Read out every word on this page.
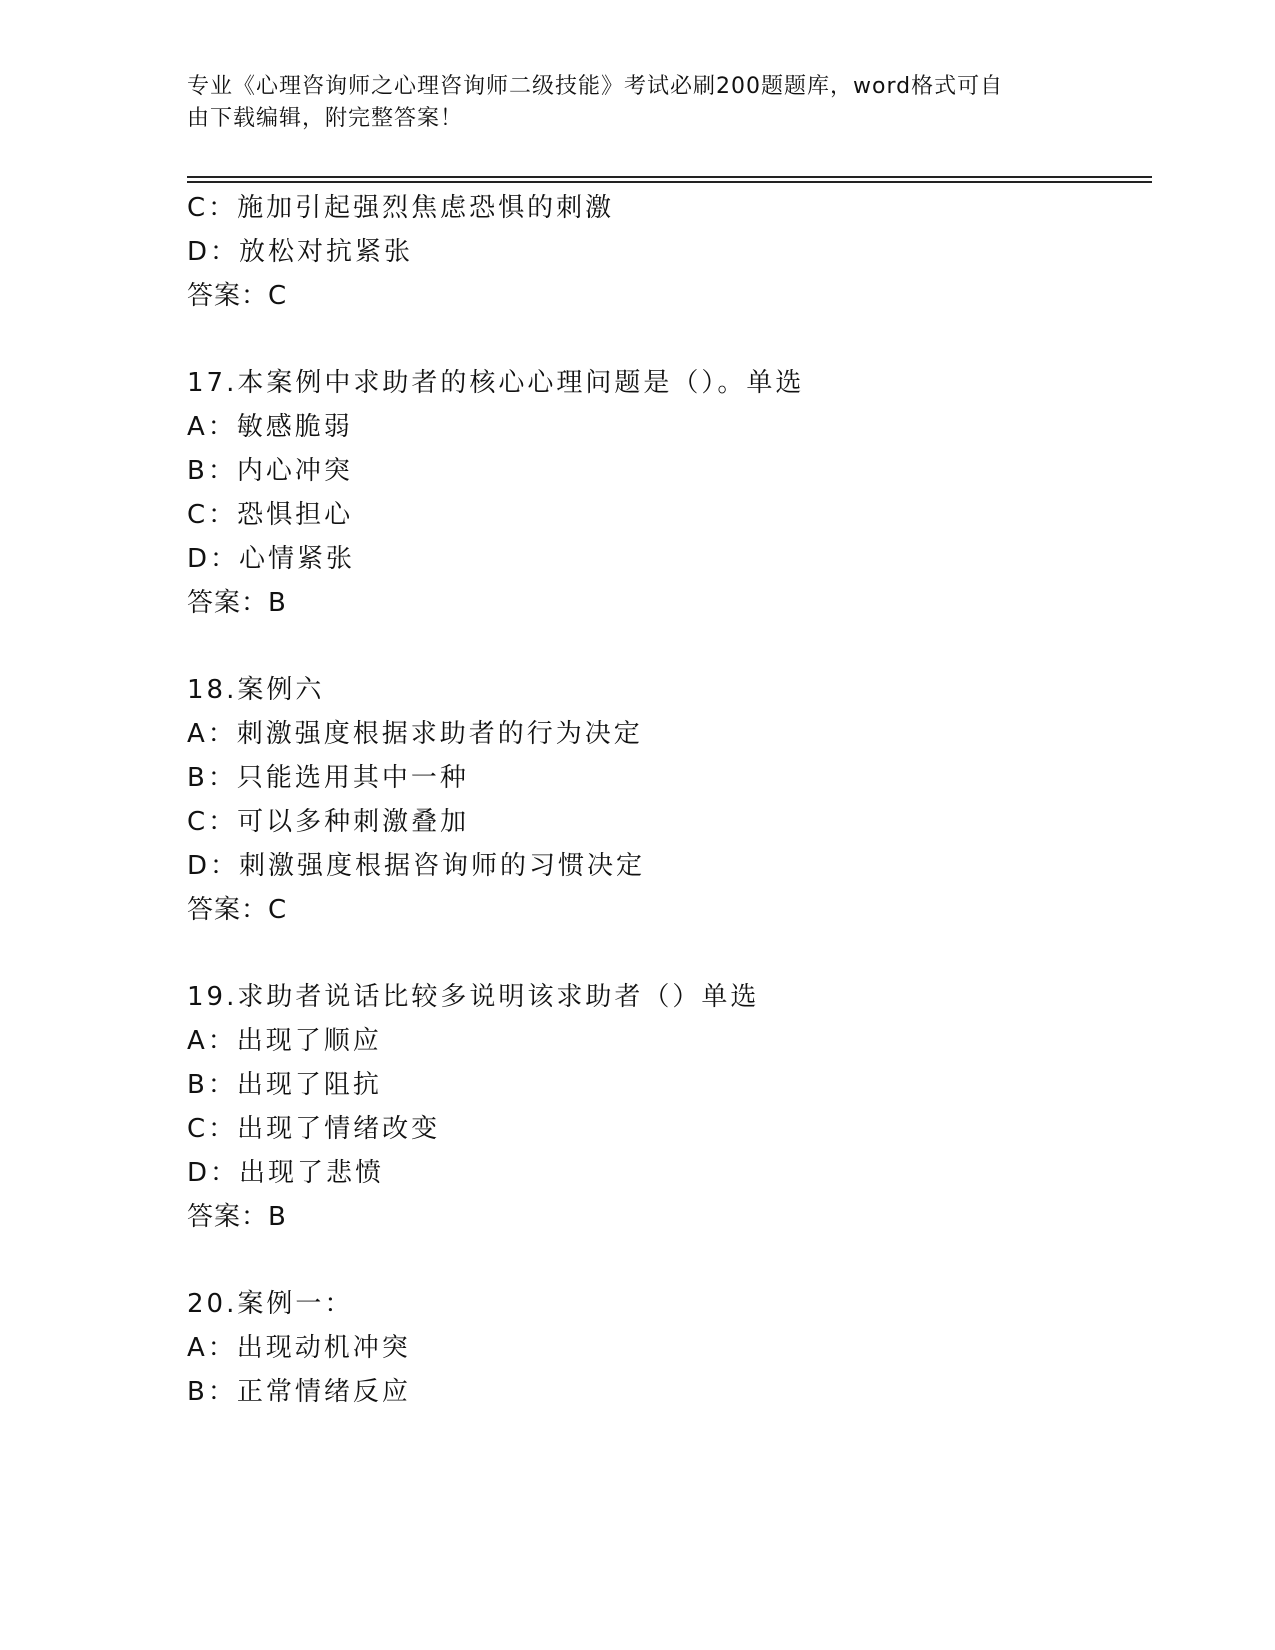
专业《心理咨询师之心理咨询师二级技能》考试必刷200题题库，word格式可自
由下载编辑，附完整答案！
C：施加引起强烈焦虑恐惧的刺激
D：放松对抗紧张
答案：C
17.本案例中求助者的核心心理问题是（）。单选
A：敏感脆弱
B：内心冲突
C：恐惧担心
D：心情紧张
答案：B
18.案例六
A：刺激强度根据求助者的行为决定
B：只能选用其中一种
C：可以多种刺激叠加
D：刺激强度根据咨询师的习惯决定
答案：C
19.求助者说话比较多说明该求助者（）单选
A：出现了顺应
B：出现了阻抗
C：出现了情绪改变
D：出现了悲愤
答案：B
20.案例一：
A：出现动机冲突
B：正常情绪反应
